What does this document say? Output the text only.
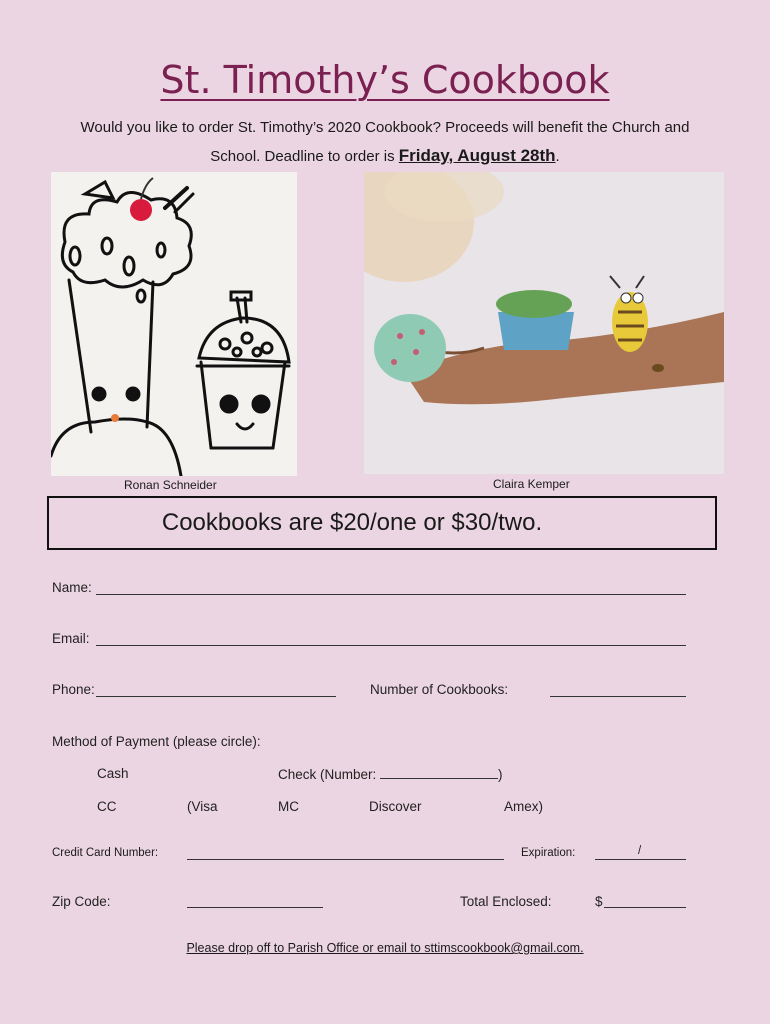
St. Timothy’s Cookbook
Would you like to order St. Timothy’s 2020 Cookbook? Proceeds will benefit the Church and
School. Deadline to order is Friday, August 28th.
Ronan Schneider	Claira Kemper
Cookbooks are $20/one or $30/two.
Name:
Email:
Phone:	Number of Cookbooks:
Method of Payment (please circle):
Cash	Check (Number:	)
CC	(Visa	MC	Discover	Amex)
Credit Card Number:	Expiration:	/
Zip Code:	Total Enclosed:	$
Please drop off to Parish Office or email to sttimscookbook@gmail.com.
